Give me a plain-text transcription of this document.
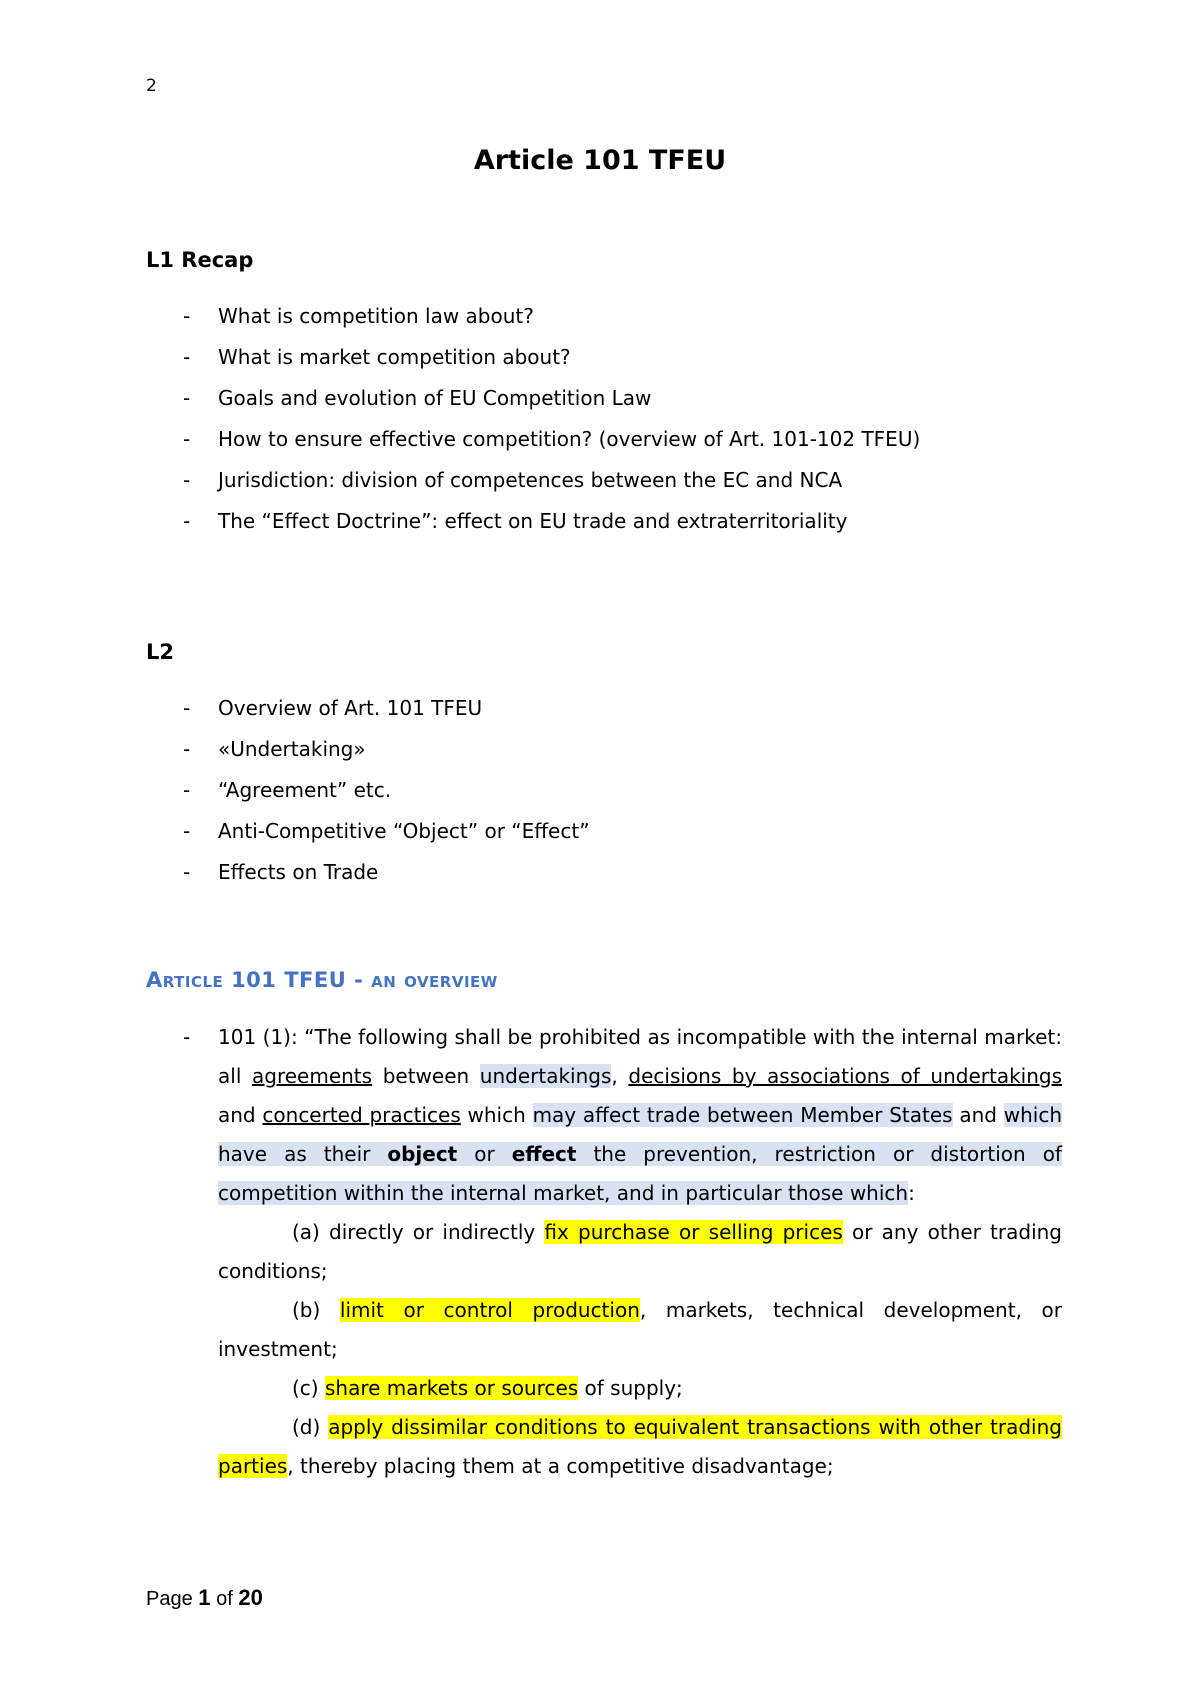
2
Article 101 TFEU
L1 Recap
- What is competition law about?
- What is market competition about?
- Goals and evolution of EU Competition Law
- How to ensure effective competition? (overview of Art. 101-102 TFEU)
- Jurisdiction: division of competences between the EC and NCA
- The “Effect Doctrine”: effect on EU trade and extraterritoriality
L2
- Overview of Art. 101 TFEU
- «Undertaking»
- “Agreement” etc.
- Anti-Competitive “Object” or “Effect”
- Effects on Trade
Article 101 TFEU - an overview
- 101 (1): “The following shall be prohibited as incompatible with the internal market: all agreements between undertakings, decisions by associations of undertakings and concerted practices which may affect trade between Member States and which have as their object or effect the prevention, restriction or distortion of competition within the internal market, and in particular those which:
(a) directly or indirectly fix purchase or selling prices or any other trading conditions;
(b) limit or control production, markets, technical development, or investment;
(c) share markets or sources of supply;
(d) apply dissimilar conditions to equivalent transactions with other trading parties, thereby placing them at a competitive disadvantage;
Page 1 of 20
